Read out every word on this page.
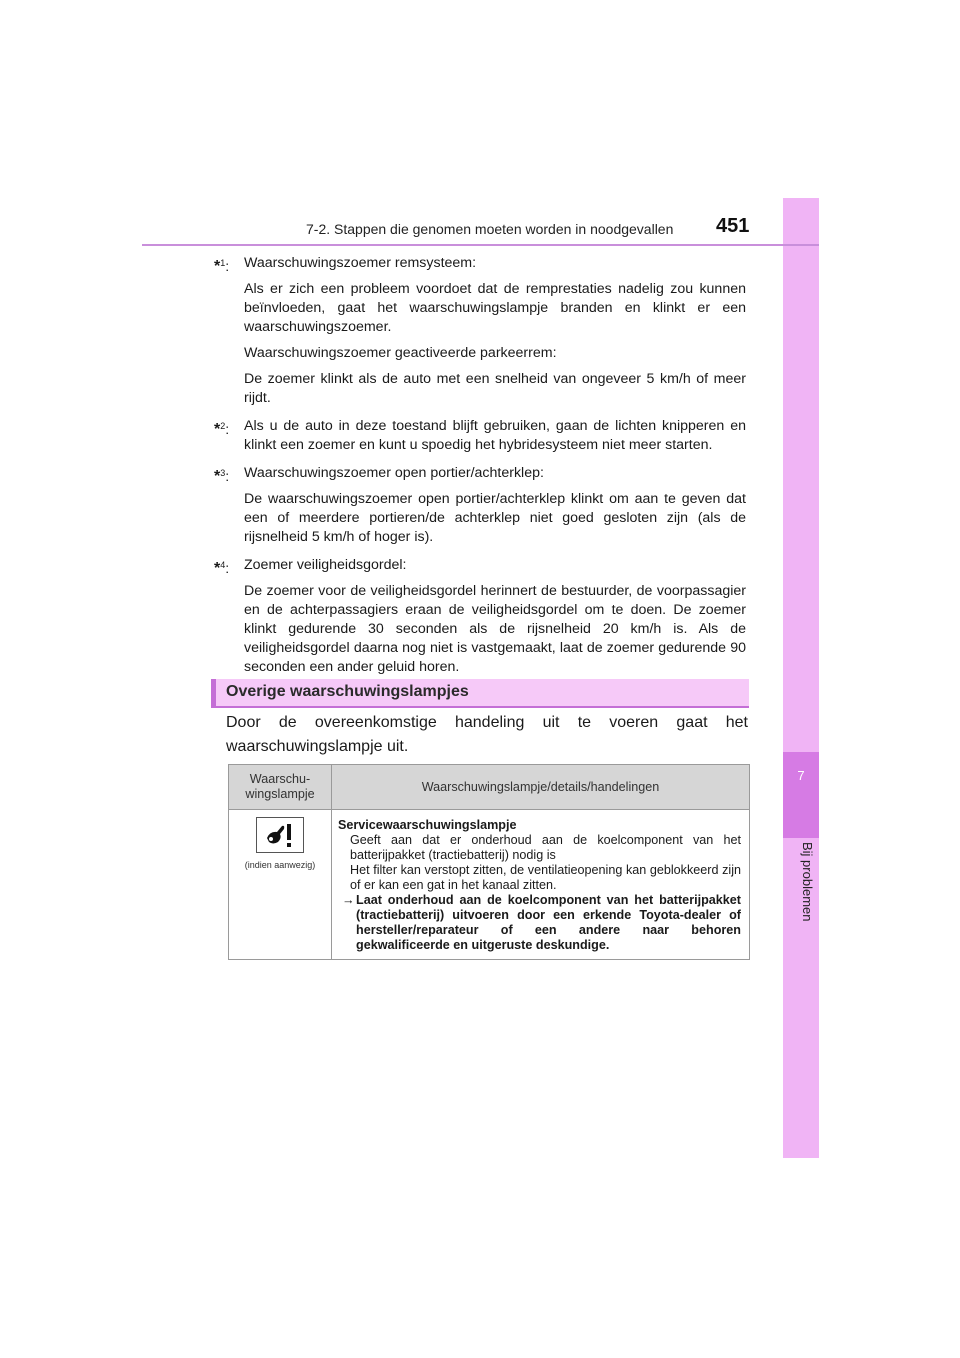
7
Bij problemen
7-2. Stappen die genomen moeten worden in noodgevallen 451
*$^1$: Waarschuwingszoemer remsysteem:

Als er zich een probleem voordoet dat de remprestaties nadelig zou kunnen beïnvloeden, gaat het waarschuwingslampje branden en klinkt er een waarschuwingszoemer.

Waarschuwingszoemer geactiveerde parkeerrem:

De zoemer klinkt als de auto met een snelheid van ongeveer 5 km/h of meer rijdt.

*$^2$: Als u de auto in deze toestand blijft gebruiken, gaan de lichten knipperen en klinkt een zoemer en kunt u spoedig het hybridesysteem niet meer starten.

*$^3$: Waarschuwingszoemer open portier/achterklep:

De waarschuwingszoemer open portier/achterklep klinkt om aan te geven dat een of meerdere portieren/de achterklep niet goed gesloten zijn (als de rijsnelheid 5 km/h of hoger is).

*$^4$: Zoemer veiligheidsgordel:

De zoemer voor de veiligheidsgordel herinnert de bestuurder, de voorpassagier en de achterpassagiers eraan de veiligheidsgordel om te doen. De zoemer klinkt gedurende 30 seconden als de rijsnelheid 20 km/h is. Als de veiligheidsgordel daarna nog niet is vastgemaakt, laat de zoemer gedurende 90 seconden een ander geluid horen.

Overige waarschuwingslampjes
Door de overeenkomstige handeling uit te voeren gaat het waarschuwingslampje uit.
Waarschu-
wingslampje	Waarschuwingslampje/details/handelingen

(indien aanwezig)	Servicewaarschuwingslampje
Geeft aan dat er onderhoud aan de koelcomponent van het batterijpakket (tractiebatterij) nodig is
Het filter kan verstopt zitten, de ventilatieopening kan geblokkeerd zijn of er kan een gat in het kanaal zitten.
→ Laat onderhoud aan de koelcomponent van het batterijpakket (tractiebatterij) uitvoeren door een erkende Toyota-dealer of hersteller/reparateur of een andere naar behoren gekwalificeerde en uitgeruste deskundige.
